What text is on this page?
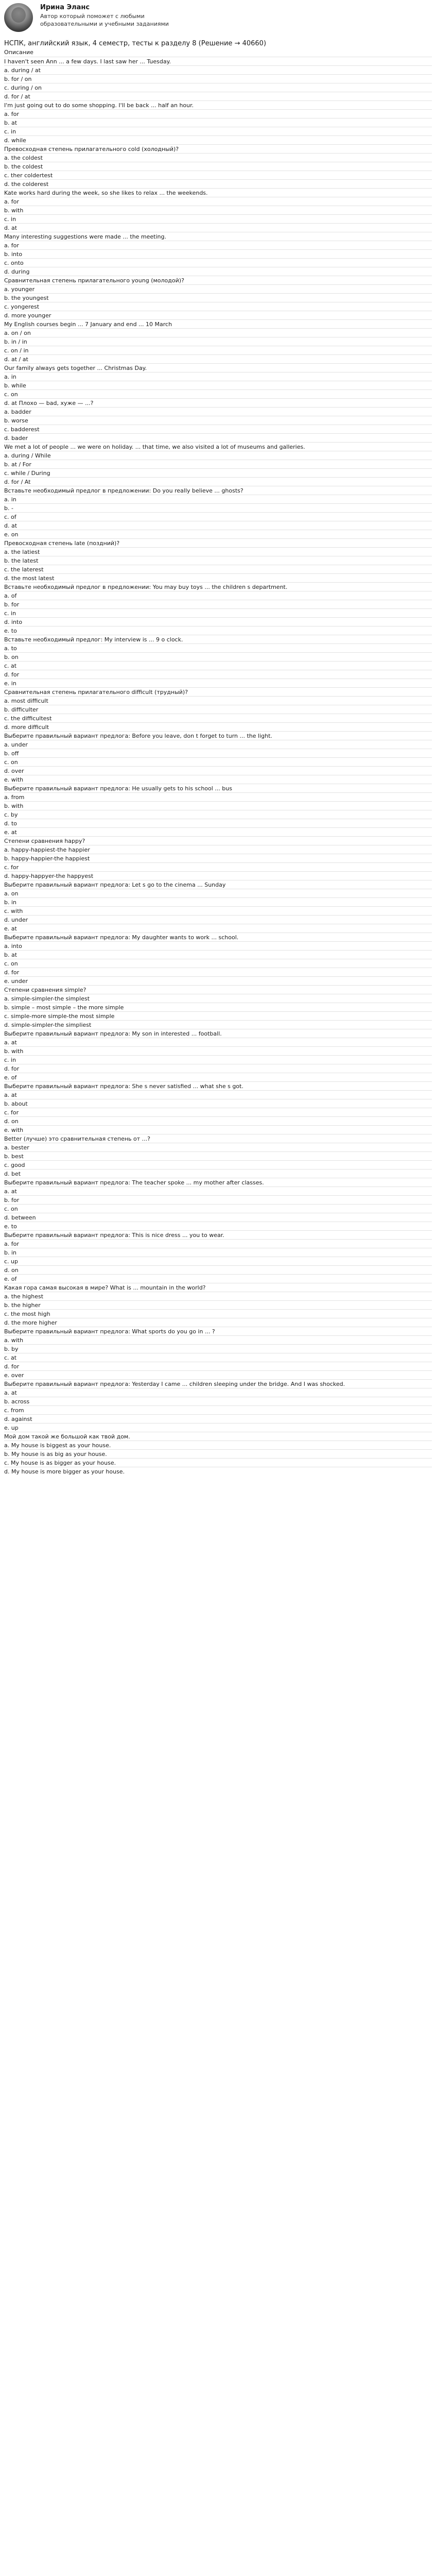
Ирина Эланс
Автор который поможет с любыми образовательными и учебными заданиями
НСПК, английский язык, 4 семестр, тесты к разделу 8 (Решение → 40660)
Описание
I haven't seen Ann ... a few days. I last saw her ... Tuesday.
a. during / at
b. for / on
c. during / on
d. for / at
I'm just going out to do some shopping. I'll be back ... half an hour.
a. for
b. at
c. in
d. while
Превосходная степень прилагательного cold (холодный)?
a. the coldest
b. the coldest
c. ther coldertest
d. the colderest
Kate works hard during the week, so she likes to relax ... the weekends.
a. for
b. with
c. in
d. at
Many interesting suggestions were made ... the meeting.
a. for
b. into
c. onto
d. during
Сравнительная степень прилагательного young (молодой)?
a. younger
b. the youngest
c. yongerest
d. more younger
My English courses begin ... 7 January and end ... 10 March
a. on / on
b. in / in
c. on / in
d. at / at
Our family always gets together ... Christmas Day.
a. in
b. while
c. on
d. at Плохо — bad, хуже — ...?
a. badder
b. worse
c. badderest
d. bader
We met a lot of people ... we were on holiday. ... that time, we also visited a lot of museums and galleries.
a. during / While
b. at / For
c. while / During
d. for / At
Вставьте необходимый предлог в предложении: Do you really believe ... ghosts?
a. in
b. -
c. of
d. at
e. on
Превосходная степень late (поздний)?
a. the latiest
b. the latest
c. the laterest
d. the most latest
Вставьте необходимый предлог в предложении: You may buy toys ... the children s department.
a. of
b. for
c. in
d. into
e. to
Вставьте необходимый предлог: My interview is ... 9 o clock.
a. to
b. on
c. at
d. for
e. in
Сравнительная степень прилагательного difficult (трудный)?
a. most difficult
b. difficulter
c. the difficultest
d. more difficult
Выберите правильный вариант предлога: Before you leave, don t forget to turn ... the light.
a. under
b. off
c. on
d. over
e. with
Выберите правильный вариант предлога: He usually gets to his school ... bus
a. from
b. with
c. by
d. to
e. at
Степени сравнения happy?
a. happy-happiest-the happier
b. happy-happier-the happiest
c. for
d. happy-happyer-the happyest
Выберите правильный вариант предлога: Let s go to the cinema ... Sunday
a. on
b. in
c. with
d. under
e. at
Выберите правильный вариант предлога: My daughter wants to work ... school.
a. into
b. at
c. on
d. for
e. under
Степени сравнения simple?
a. simple-simpler-the simplest
b. simple – most simple – the more simple
c. simple-more simple-the most simple
d. simple-simpler-the simpliest
Выберите правильный вариант предлога: My son in interested ... football.
a. at
b. with
c. in
d. for
e. of
Выберите правильный вариант предлога: She s never satisfied ... what she s got.
a. at
b. about
c. for
d. on
e. with
Better (лучше) это сравнительная степень от ...?
a. bester
b. best
c. good
d. bet
Выберите правильный вариант предлога: The teacher spoke ... my mother after classes.
a. at
b. for
c. on
d. between
e. to
Выберите правильный вариант предлога: This is nice dress ... you to wear.
a. for
b. in
c. up
d. on
e. of
Какая гора самая высокая в мире? What is ... mountain in the world?
a. the highest
b. the higher
c. the most high
d. the more higher
Выберите правильный вариант предлога: What sports do you go in ... ?
a. with
b. by
c. at
d. for
e. over
Выберите правильный вариант предлога: Yesterday I came ... children sleeping under the bridge. And I was shocked.
a. at
b. across
c. from
d. against
e. up
Мой дом такой же большой как твой дом.
a. My house is biggest as your house.
b. My house is as big as your house.
c. My house is as bigger as your house.
d. My house is more bigger as your house.
